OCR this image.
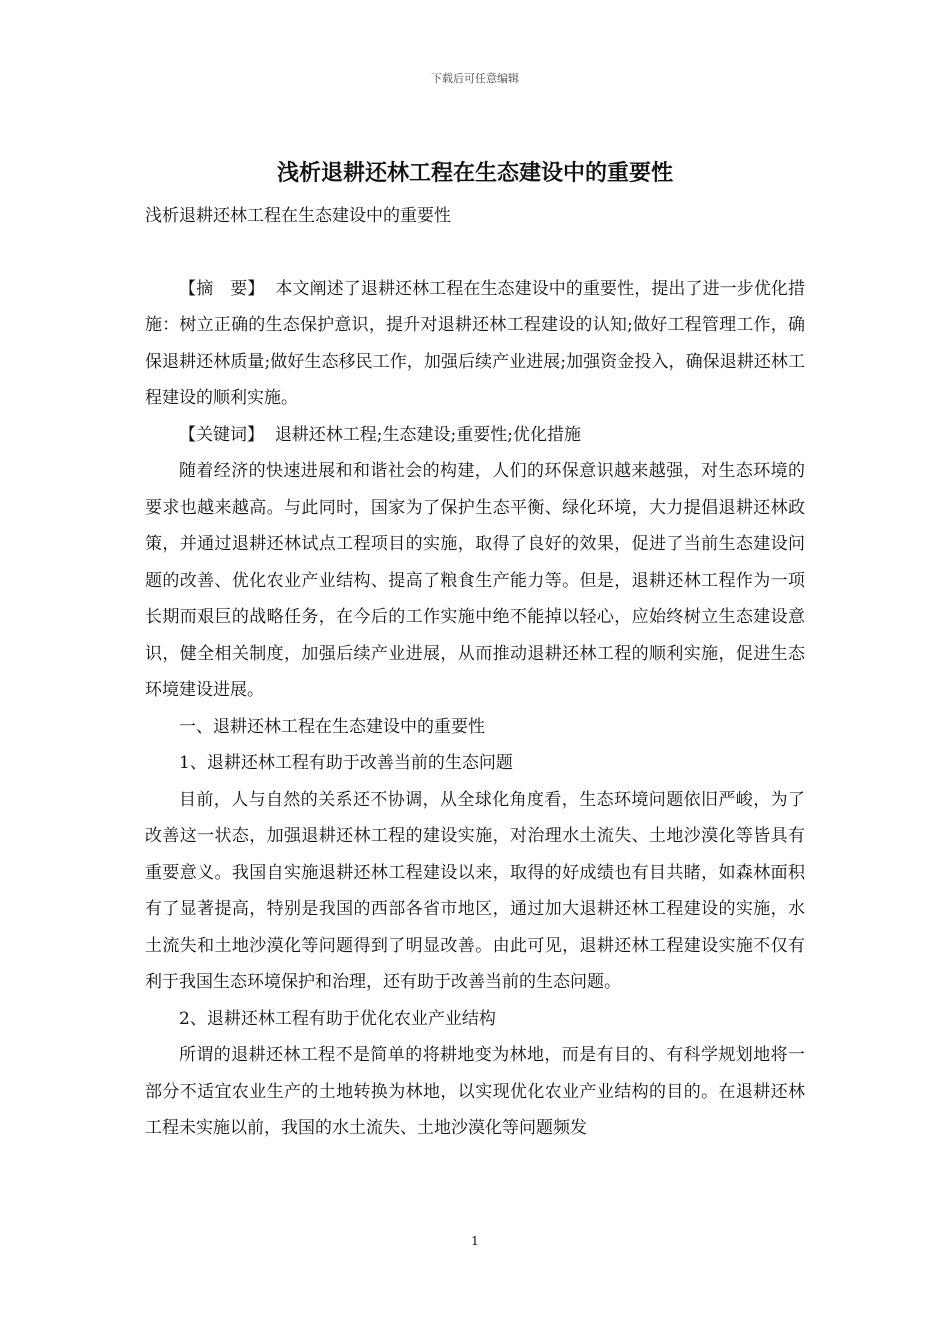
下载后可任意编辑
浅析退耕还林工程在生态建设中的重要性

浅析退耕还林工程在生态建设中的重要性

【摘　要】 本文阐述了退耕还林工程在生态建设中的重要性，提出了进一步优化措施：树立正确的生态保护意识，提升对退耕还林工程建设的认知;做好工程管理工作，确保退耕还林质量;做好生态移民工作，加强后续产业进展;加强资金投入，确保退耕还林工程建设的顺利实施。

【关键词】 退耕还林工程;生态建设;重要性;优化措施

随着经济的快速进展和和谐社会的构建，人们的环保意识越来越强，对生态环境的要求也越来越高。与此同时，国家为了保护生态平衡、绿化环境，大力提倡退耕还林政策，并通过退耕还林试点工程项目的实施，取得了良好的效果，促进了当前生态建设问题的改善、优化农业产业结构、提高了粮食生产能力等。但是，退耕还林工程作为一项长期而艰巨的战略任务，在今后的工作实施中绝不能掉以轻心，应始终树立生态建设意识，健全相关制度，加强后续产业进展，从而推动退耕还林工程的顺利实施，促进生态环境建设进展。

一、退耕还林工程在生态建设中的重要性

1、退耕还林工程有助于改善当前的生态问题

目前，人与自然的关系还不协调，从全球化角度看，生态环境问题依旧严峻，为了改善这一状态，加强退耕还林工程的建设实施，对治理水土流失、土地沙漠化等皆具有重要意义。我国自实施退耕还林工程建设以来，取得的好成绩也有目共睹，如森林面积有了显著提高，特别是我国的西部各省市地区，通过加大退耕还林工程建设的实施，水土流失和土地沙漠化等问题得到了明显改善。由此可见，退耕还林工程建设实施不仅有利于我国生态环境保护和治理，还有助于改善当前的生态问题。

2、退耕还林工程有助于优化农业产业结构

所谓的退耕还林工程不是简单的将耕地变为林地，而是有目的、有科学规划地将一部分不适宜农业生产的土地转换为林地，以实现优化农业产业结构的目的。在退耕还林工程未实施以前，我国的水土流失、土地沙漠化等问题频发

1
